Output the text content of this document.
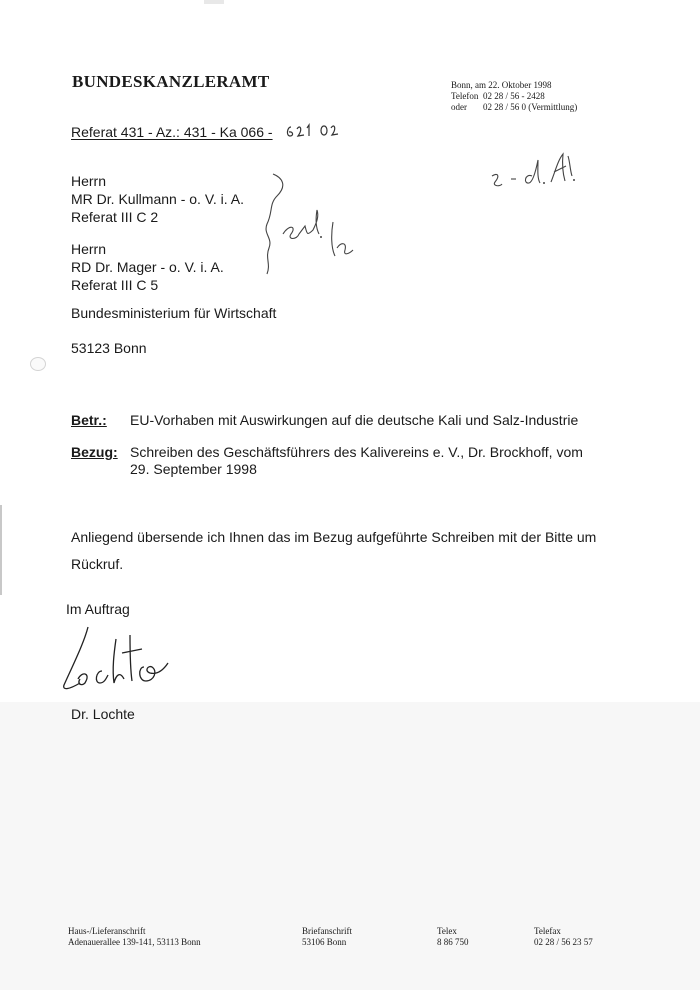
BUNDESKANZLERAMT	Bonn, am 22. Oktober 1998
Telefon 02 28 / 56 - 2428
oder 02 28 / 56 0 (Vermittlung)
Referat 431 - Az.: 431 - Ka 066 -
Herrn
MR Dr. Kullmann - o. V. i. A.
Referat III C 2
Herrn
RD Dr. Mager - o. V. i. A.
Referat III C 5
Bundesministerium für Wirtschaft
53123 Bonn
Betr.: EU-Vorhaben mit Auswirkungen auf die deutsche Kali und Salz-Industrie
Bezug: Schreiben des Geschäftsführers des Kalivereins e. V., Dr. Brockhoff, vom
29. September 1998
Anliegend übersende ich Ihnen das im Bezug aufgeführte Schreiben mit der Bitte um
Rückruf.
Im Auftrag
Dr. Lochte
Haus-/Lieferanschrift
Adenauerallee 139-141, 53113 Bonn
Briefanschrift
53106 Bonn
Telex
8 86 750
Telefax
02 28 / 56 23 57
